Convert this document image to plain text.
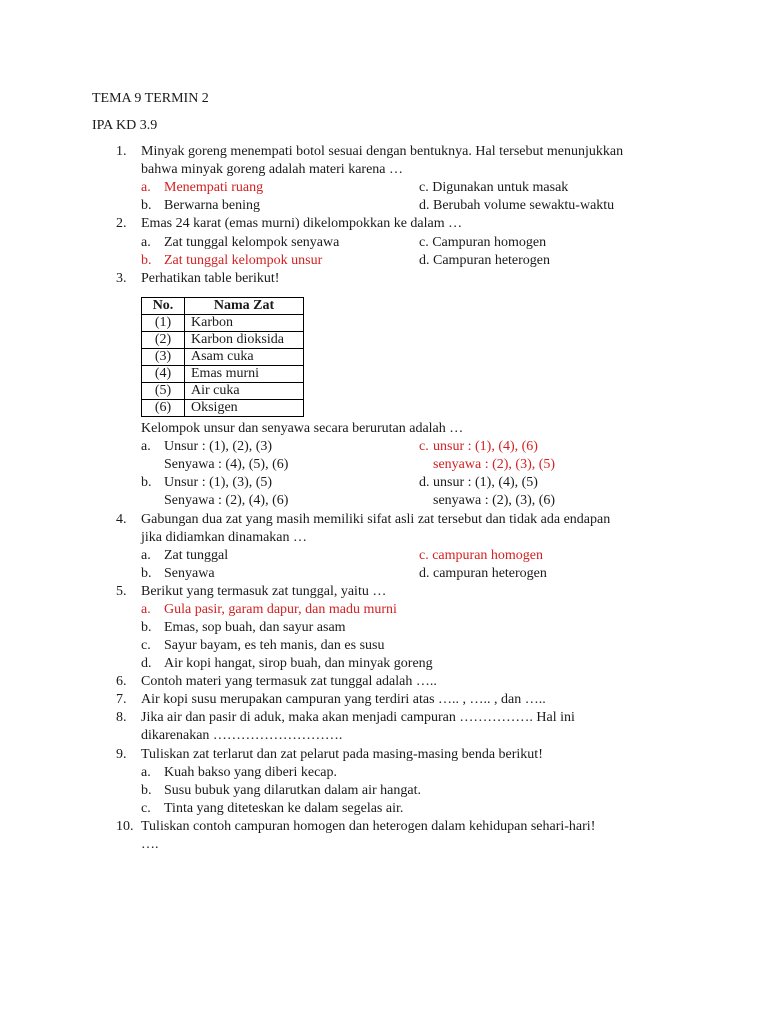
TEMA 9 TERMIN 2
IPA KD 3.9
1. Minyak goreng menempati botol sesuai dengan bentuknya. Hal tersebut menunjukkan
bahwa minyak goreng adalah materi karena …
a. Menempati ruang	c. Digunakan untuk masak
b. Berwarna bening	d. Berubah volume sewaktu-waktu
2. Emas 24 karat (emas murni) dikelompokkan ke dalam …
a. Zat tunggal kelompok senyawa	c. Campuran homogen
b. Zat tunggal kelompok unsur	d. Campuran heterogen
3. Perhatikan table berikut!
No.	Nama Zat
(1)	Karbon
(2)	Karbon dioksida
(3)	Asam cuka
(4)	Emas murni
(5)	Air cuka
(6)	Oksigen
Kelompok unsur dan senyawa secara berurutan adalah …
a. Unsur : (1), (2), (3)	c. unsur : (1), (4), (6)
Senyawa : (4), (5), (6)	senyawa : (2), (3), (5)
b. Unsur : (1), (3), (5)	d. unsur : (1), (4), (5)
Senyawa : (2), (4), (6)	senyawa : (2), (3), (6)
4. Gabungan dua zat yang masih memiliki sifat asli zat tersebut dan tidak ada endapan
jika didiamkan dinamakan …
a. Zat tunggal	c. campuran homogen
b. Senyawa	d. campuran heterogen
5. Berikut yang termasuk zat tunggal, yaitu …
a. Gula pasir, garam dapur, dan madu murni
b. Emas, sop buah, dan sayur asam
c. Sayur bayam, es teh manis, dan es susu
d. Air kopi hangat, sirop buah, dan minyak goreng
6. Contoh materi yang termasuk zat tunggal adalah …..
7. Air kopi susu merupakan campuran yang terdiri atas ….. , ….. , dan …..
8. Jika air dan pasir di aduk, maka akan menjadi campuran ……………. Hal ini
dikarenakan ……………………….
9. Tuliskan zat terlarut dan zat pelarut pada masing-masing benda berikut!
a. Kuah bakso yang diberi kecap.
b. Susu bubuk yang dilarutkan dalam air hangat.
c. Tinta yang diteteskan ke dalam segelas air.
10. Tuliskan contoh campuran homogen dan heterogen dalam kehidupan sehari-hari!
….
